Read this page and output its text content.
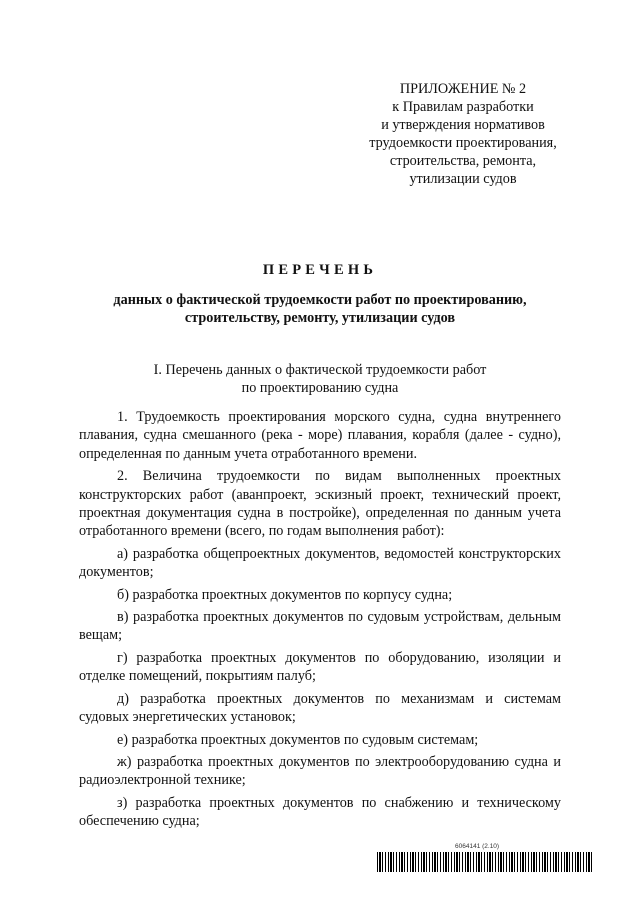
ПРИЛОЖЕНИЕ № 2
к Правилам разработки
и утверждения нормативов
трудоемкости проектирования,
строительства, ремонта,
утилизации судов
ПЕРЕЧЕНЬ
данных о фактической трудоемкости работ по проектированию,
строительству, ремонту, утилизации судов
I. Перечень данных о фактической трудоемкости работ
по проектированию судна

1. Трудоемкость проектирования морского судна, судна внутреннего плавания, судна смешанного (река - море) плавания, корабля (далее - судно), определенная по данным учета отработанного времени.

2. Величина трудоемкости по видам выполненных проектных конструкторских работ (аванпроект, эскизный проект, технический проект, проектная документация судна в постройке), определенная по данным учета отработанного времени (всего, по годам выполнения работ):

а) разработка общепроектных документов, ведомостей конструкторских документов;

б) разработка проектных документов по корпусу судна;

в) разработка проектных документов по судовым устройствам, дельным вещам;

г) разработка проектных документов по оборудованию, изоляции и отделке помещений, покрытиям палуб;

д) разработка проектных документов по механизмам и системам судовых энергетических установок;

е) разработка проектных документов по судовым системам;

ж) разработка проектных документов по электрооборудованию судна и радиоэлектронной технике;

з) разработка проектных документов по снабжению и техническому обеспечению судна;

6064141 (2.10)
